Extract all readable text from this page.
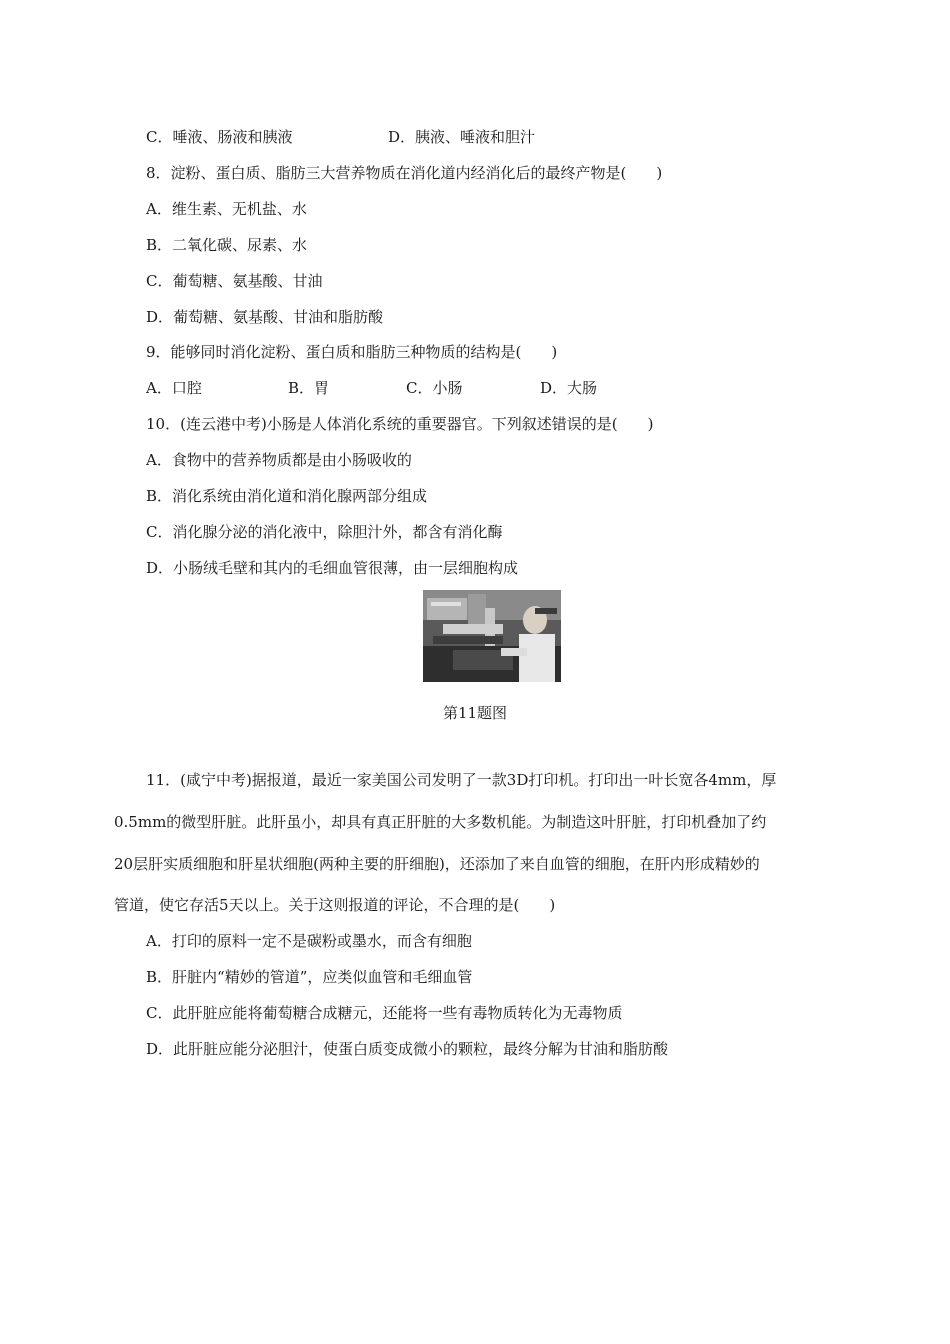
C．唾液、肠液和胰液	D．胰液、唾液和胆汁
8．淀粉、蛋白质、脂肪三大营养物质在消化道内经消化后的最终产物是(　　)
A．维生素、无机盐、水
B．二氧化碳、尿素、水
C．葡萄糖、氨基酸、甘油
D．葡萄糖、氨基酸、甘油和脂肪酸
9．能够同时消化淀粉、蛋白质和脂肪三种物质的结构是(　　)
A．口腔	B．胃	C．小肠	D．大肠
10．(连云港中考)小肠是人体消化系统的重要器官。下列叙述错误的是(　　)
A．食物中的营养物质都是由小肠吸收的
B．消化系统由消化道和消化腺两部分组成
C．消化腺分泌的消化液中，除胆汁外，都含有消化酶
D．小肠绒毛壁和其内的毛细血管很薄，由一层细胞构成
第11题图
11．(咸宁中考)据报道，最近一家美国公司发明了一款3D打印机。打印出一叶长宽各4mm，厚
0.5mm的微型肝脏。此肝虽小，却具有真正肝脏的大多数机能。为制造这叶肝脏，打印机叠加了约
20层肝实质细胞和肝星状细胞(两种主要的肝细胞)，还添加了来自血管的细胞，在肝内形成精妙的
管道，使它存活5天以上。关于这则报道的评论，不合理的是(　　)
A．打印的原料一定不是碳粉或墨水，而含有细胞
B．肝脏内“精妙的管道”，应类似血管和毛细血管
C．此肝脏应能将葡萄糖合成糖元，还能将一些有毒物质转化为无毒物质
D．此肝脏应能分泌胆汁，使蛋白质变成微小的颗粒，最终分解为甘油和脂肪酸
